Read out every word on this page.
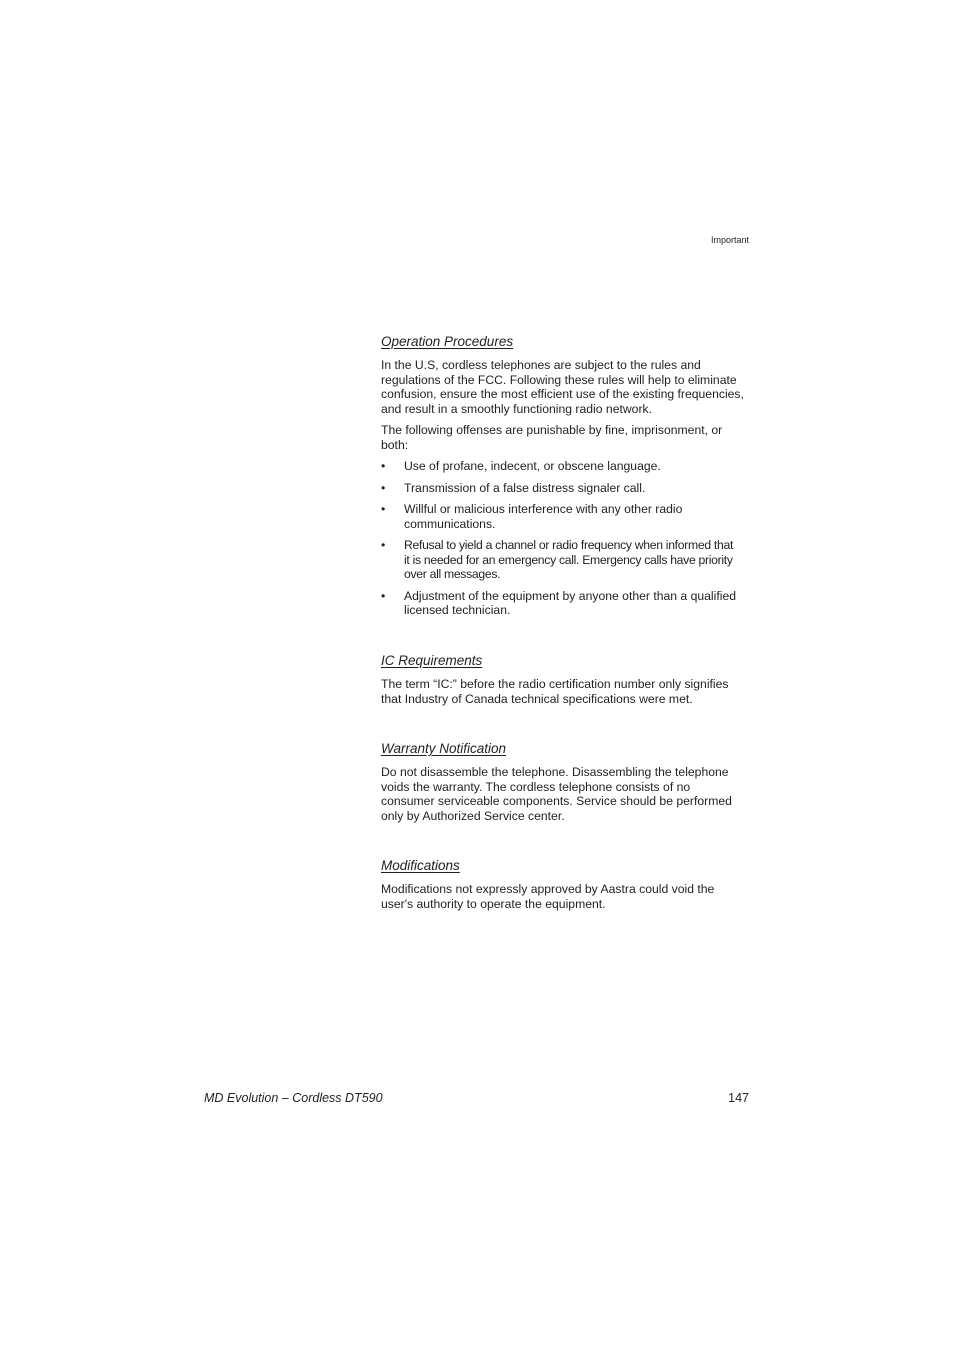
Important
Operation Procedures

In the U.S, cordless telephones are subject to the rules and
regulations of the FCC. Following these rules will help to eliminate
confusion, ensure the most efficient use of the existing frequencies,
and result in a smoothly functioning radio network.

The following offenses are punishable by fine, imprisonment, or
both:

• Use of profane, indecent, or obscene language.
• Transmission of a false distress signaler call.
• Willful or malicious interference with any other radio
communications.
• Refusal to yield a channel or radio frequency when informed that
it is needed for an emergency call. Emergency calls have priority
over all messages.
• Adjustment of the equipment by anyone other than a qualified
licensed technician.
IC Requirements

The term “IC:” before the radio certification number only signifies
that Industry of Canada technical specifications were met.

Warranty Notification

Do not disassemble the telephone. Disassembling the telephone
voids the warranty. The cordless telephone consists of no
consumer serviceable components. Service should be performed
only by Authorized Service center.

Modifications

Modifications not expressly approved by Aastra could void the
user's authority to operate the equipment.

MD Evolution – Cordless DT590	147
